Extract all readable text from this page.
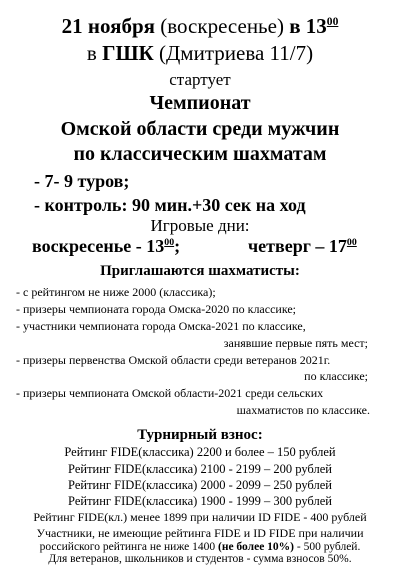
21 ноября (воскресенье) в $13^{00}$
в ГШК (Дмитриева 11/7)
стартует
Чемпионат
Омской области среди мужчин
по классическим шахматам
- 7- 9 туров;
- контроль: 90 мин.+30 сек на ход
Игровые дни:
воскресенье - $13^{00}$;	четверг – $17^{00}$
Приглашаются шахматисты:
- с рейтингом не ниже 2000 (классика);
- призеры чемпионата города Омска-2020 по классике;
- участники чемпионата города Омска-2021 по классике,
занявшие первые пять мест;
- призеры первенства Омской области среди ветеранов 2021г.
по классике;
- призеры чемпионата Омской области-2021 среди сельских
шахматистов по классике.
Турнирный взнос:
Рейтинг FIDE(классика) 2200 и более – 150 рублей
Рейтинг FIDE(классика) 2100 - 2199 – 200 рублей
Рейтинг FIDE(классика) 2000 - 2099 – 250 рублей
Рейтинг FIDE(классика) 1900 - 1999 – 300 рублей
Рейтинг FIDE(кл.) менее 1899 при наличии ID FIDE - 400 рублей
Участники, не имеющие рейтинга FIDE и ID FIDE при наличии
российского рейтинга не ниже 1400 (не более 10%) - 500 рублей.
Для ветеранов, школьников и студентов - сумма взносов 50%.
